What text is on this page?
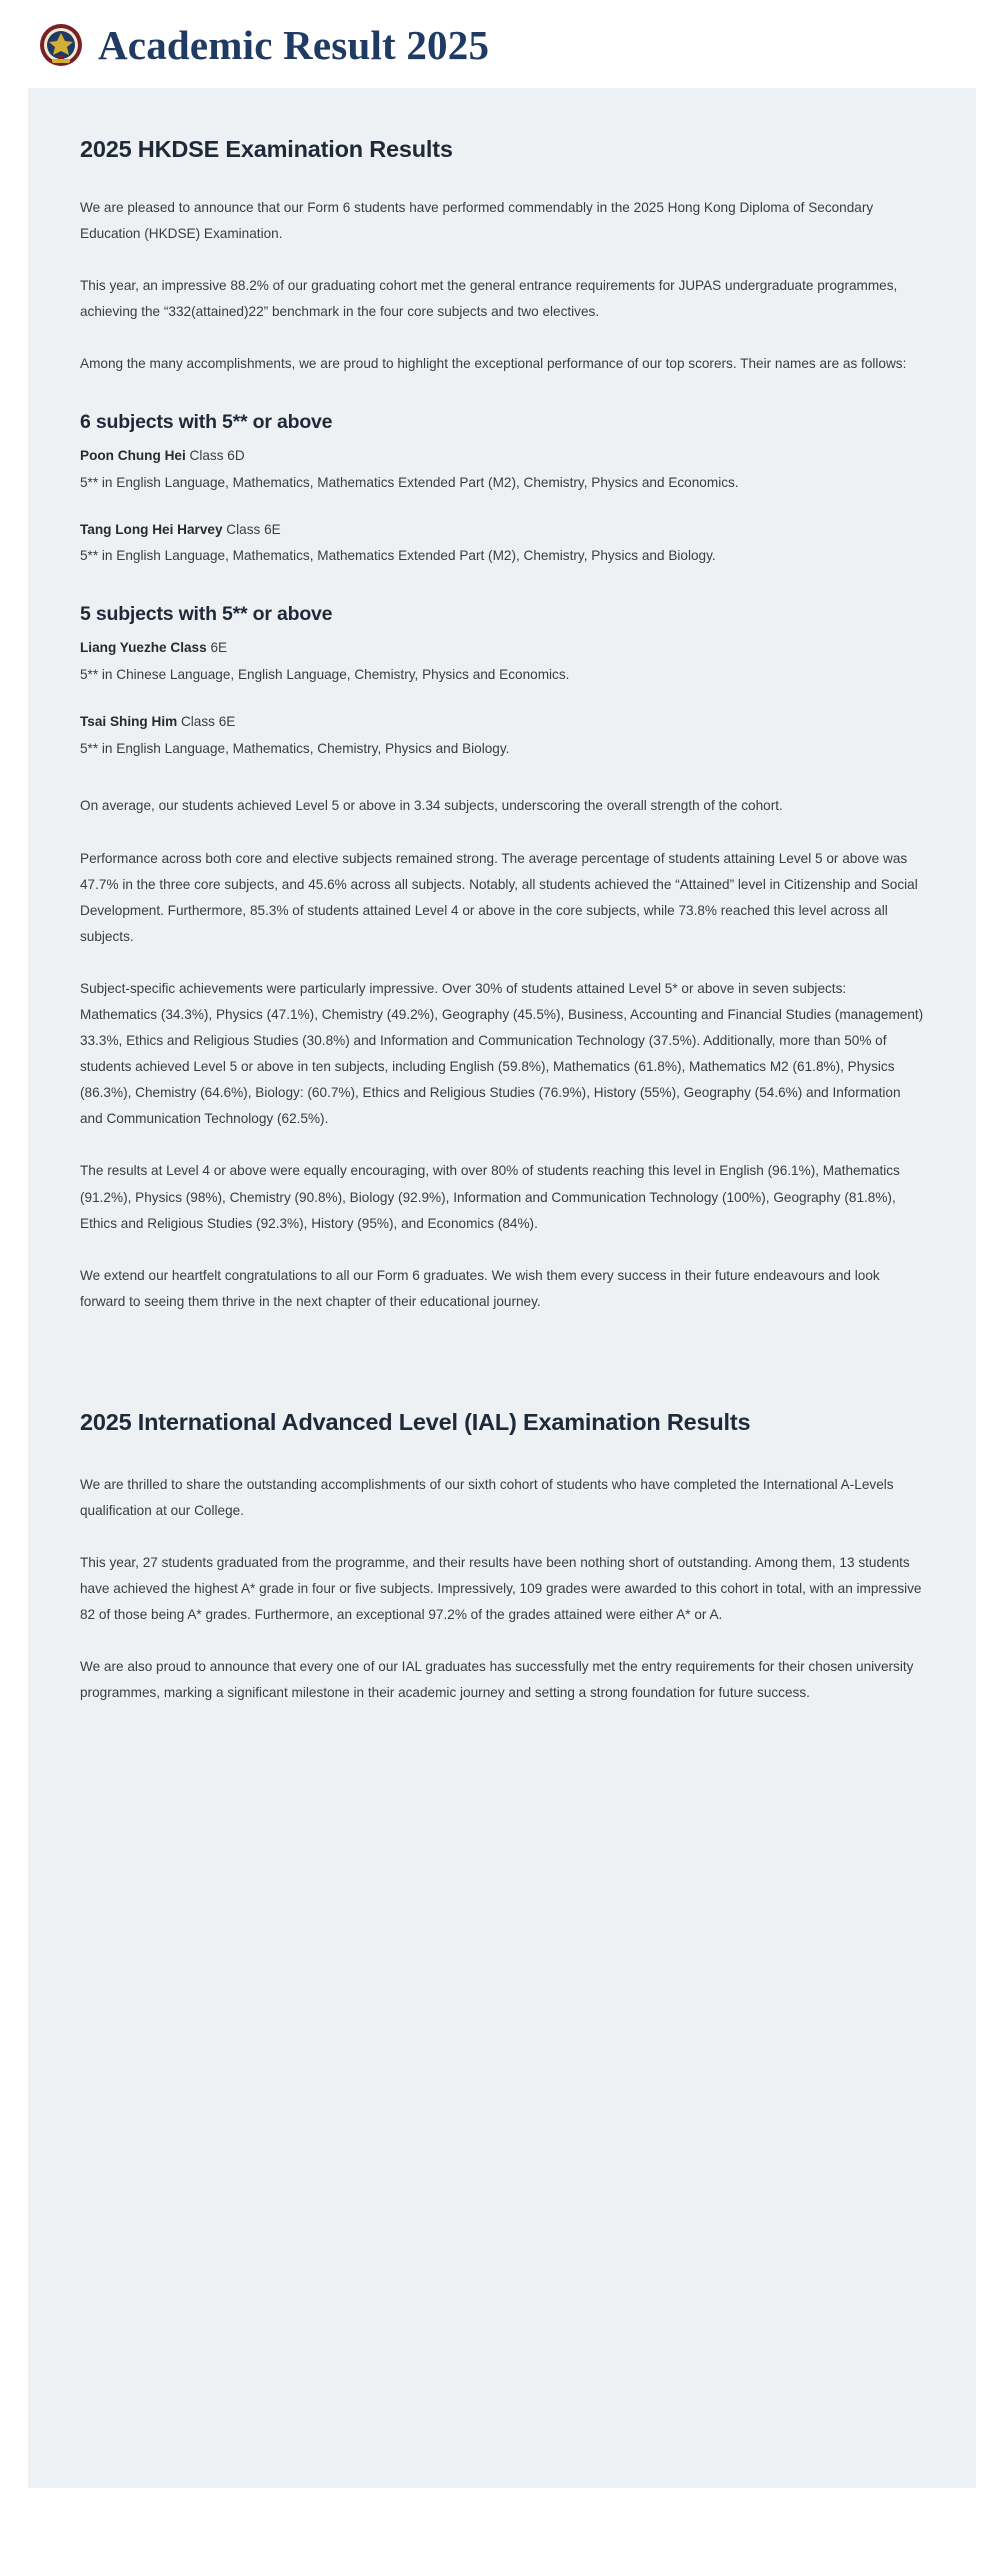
Academic Result 2025
2025 HKDSE Examination Results

We are pleased to announce that our Form 6 students have performed commendably in the 2025 Hong Kong Diploma of Secondary Education (HKDSE) Examination.

This year, an impressive 88.2% of our graduating cohort met the general entrance requirements for JUPAS undergraduate programmes, achieving the “332(attained)22” benchmark in the four core subjects and two electives.

Among the many accomplishments, we are proud to highlight the exceptional performance of our top scorers. Their names are as follows:

6 subjects with 5** or above
Poon Chung Hei Class 6D
5** in English Language, Mathematics, Mathematics Extended Part (M2), Chemistry, Physics and Economics.
Tang Long Hei Harvey Class 6E
5** in English Language, Mathematics, Mathematics Extended Part (M2), Chemistry, Physics and Biology.
5 subjects with 5** or above
Liang Yuezhe Class 6E
5** in Chinese Language, English Language, Chemistry, Physics and Economics.
Tsai Shing Him Class 6E
5** in English Language, Mathematics, Chemistry, Physics and Biology.

On average, our students achieved Level 5 or above in 3.34 subjects, underscoring the overall strength of the cohort.

Performance across both core and elective subjects remained strong. The average percentage of students attaining Level 5 or above was 47.7% in the three core subjects, and 45.6% across all subjects. Notably, all students achieved the “Attained” level in Citizenship and Social Development. Furthermore, 85.3% of students attained Level 4 or above in the core subjects, while 73.8% reached this level across all subjects.

Subject-specific achievements were particularly impressive. Over 30% of students attained Level 5* or above in seven subjects: Mathematics (34.3%), Physics (47.1%), Chemistry (49.2%), Geography (45.5%), Business, Accounting and Financial Studies (management) 33.3%, Ethics and Religious Studies (30.8%) and Information and Communication Technology (37.5%). Additionally, more than 50% of students achieved Level 5 or above in ten subjects, including English (59.8%), Mathematics (61.8%), Mathematics M2 (61.8%), Physics (86.3%), Chemistry (64.6%), Biology: (60.7%), Ethics and Religious Studies (76.9%), History (55%), Geography (54.6%) and Information and Communication Technology (62.5%).

The results at Level 4 or above were equally encouraging, with over 80% of students reaching this level in English (96.1%), Mathematics (91.2%), Physics (98%), Chemistry (90.8%), Biology (92.9%), Information and Communication Technology (100%), Geography (81.8%), Ethics and Religious Studies (92.3%), History (95%), and Economics (84%).

We extend our heartfelt congratulations to all our Form 6 graduates. We wish them every success in their future endeavours and look forward to seeing them thrive in the next chapter of their educational journey.

2025 International Advanced Level (IAL) Examination Results

We are thrilled to share the outstanding accomplishments of our sixth cohort of students who have completed the International A-Levels qualification at our College.

This year, 27 students graduated from the programme, and their results have been nothing short of outstanding. Among them, 13 students have achieved the highest A* grade in four or five subjects. Impressively, 109 grades were awarded to this cohort in total, with an impressive 82 of those being A* grades. Furthermore, an exceptional 97.2% of the grades attained were either A* or A.

We are also proud to announce that every one of our IAL graduates has successfully met the entry requirements for their chosen university programmes, marking a significant milestone in their academic journey and setting a strong foundation for future success.
